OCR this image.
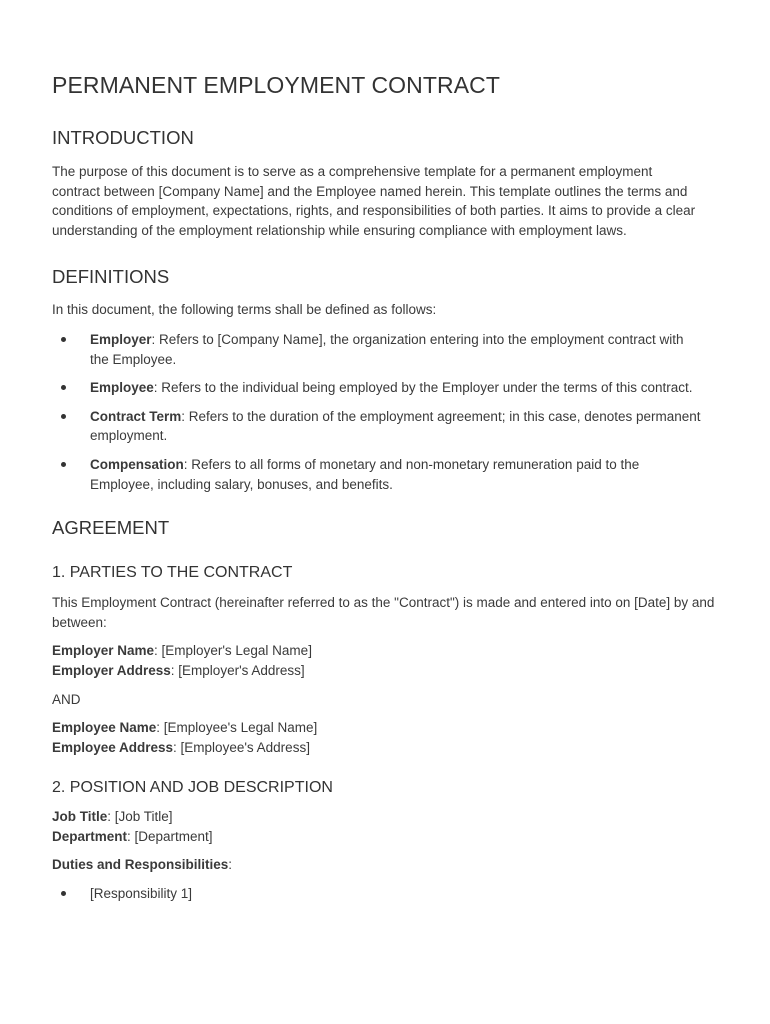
PERMANENT EMPLOYMENT CONTRACT
INTRODUCTION

The purpose of this document is to serve as a comprehensive template for a permanent employment contract between [Company Name] and the Employee named herein. This template outlines the terms and conditions of employment, expectations, rights, and responsibilities of both parties. It aims to provide a clear understanding of the employment relationship while ensuring compliance with employment laws.

DEFINITIONS

In this document, the following terms shall be defined as follows:

Employer: Refers to [Company Name], the organization entering into the employment contract with the Employee.
Employee: Refers to the individual being employed by the Employer under the terms of this contract.
Contract Term: Refers to the duration of the employment agreement; in this case, denotes permanent employment.
Compensation: Refers to all forms of monetary and non-monetary remuneration paid to the Employee, including salary, bonuses, and benefits.
AGREEMENT
1. PARTIES TO THE CONTRACT

This Employment Contract (hereinafter referred to as the "Contract") is made and entered into on [Date] by and between:

Employer Name: [Employer's Legal Name]
Employer Address: [Employer's Address]

AND

Employee Name: [Employee's Legal Name]
Employee Address: [Employee's Address]
2. POSITION AND JOB DESCRIPTION
Job Title: [Job Title]
Department: [Department]
Duties and Responsibilities:
[Responsibility 1]
